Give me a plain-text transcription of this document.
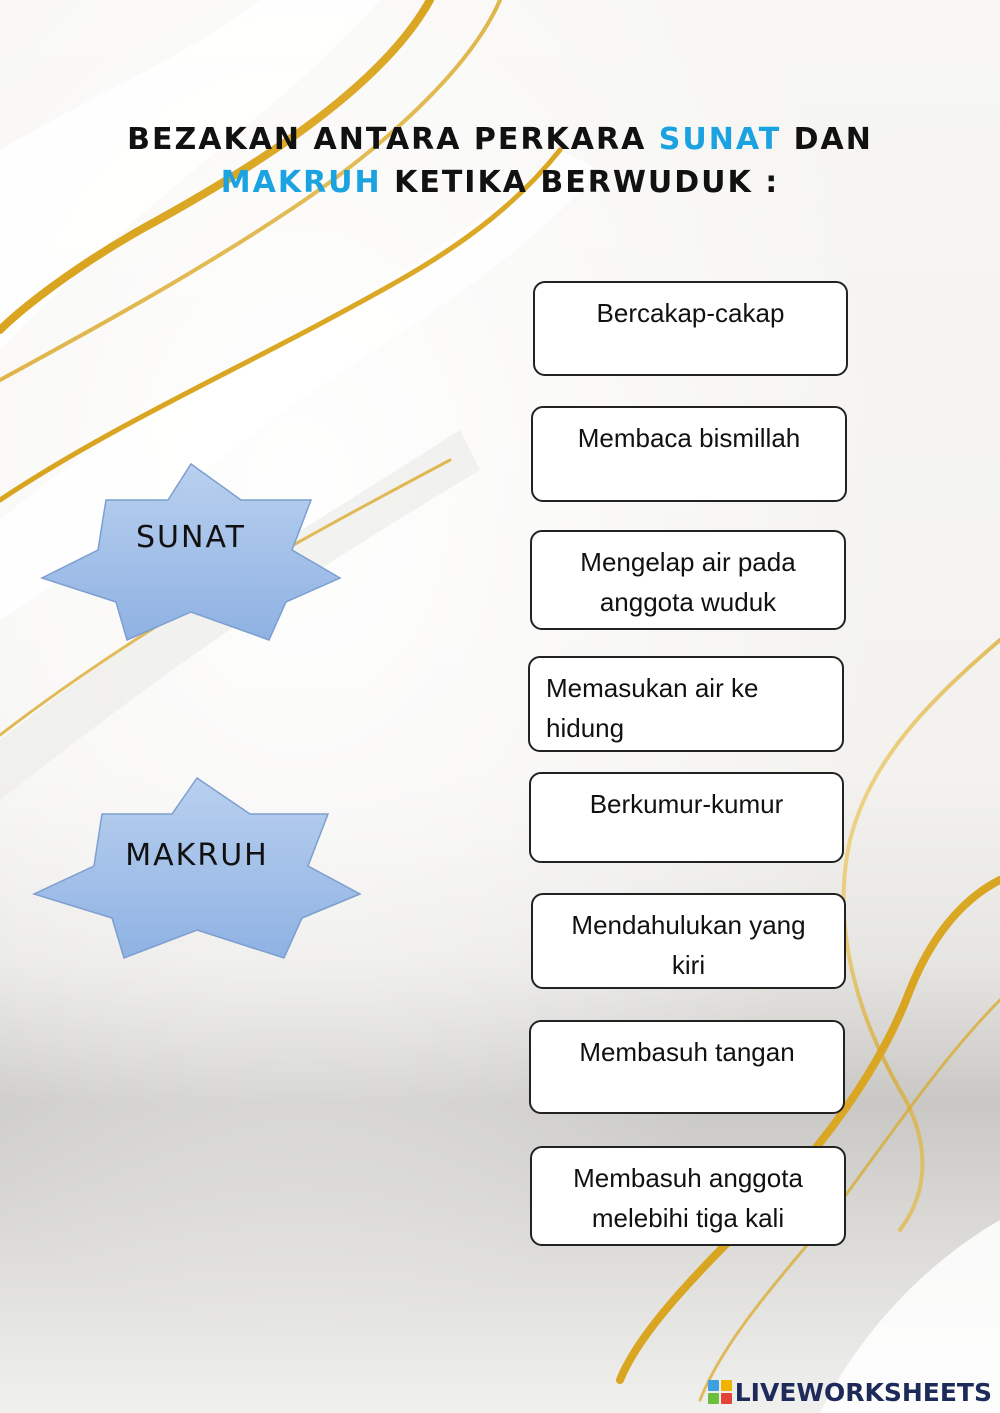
BEZAKAN ANTARA PERKARA SUNAT DAN
MAKRUH KETIKA BERWUDUK :
SUNAT
MAKRUH
Bercakap-cakap
Membaca bismillah
Mengelap air pada
anggota wuduk
Memasukan air ke
hidung
Berkumur-kumur
Mendahulukan yang
kiri
Membasuh tangan
Membasuh anggota
melebihi tiga kali
LIVEWORKSHEETS
